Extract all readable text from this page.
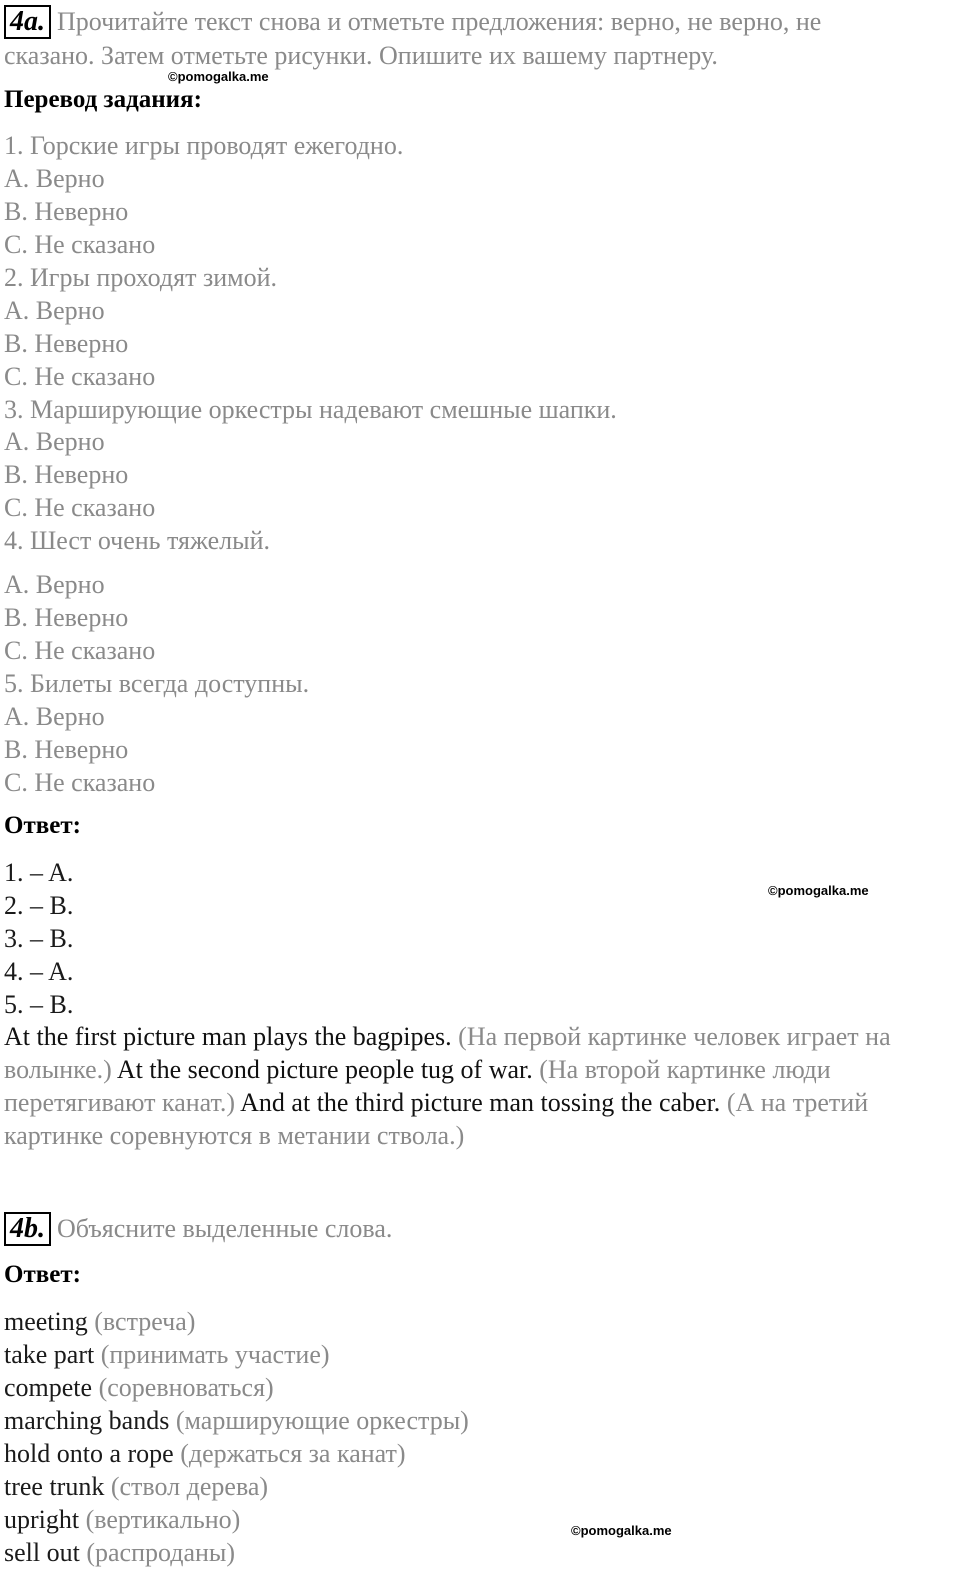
4a. Прочитайте текст снова и отметьте предложения: верно, не верно, не
сказано. Затем отметьте рисунки. Опишите их вашему партнеру.
©pomogalka.me
Перевод задания:
1. Горские игры проводят ежегодно.
A. Верно
B. Неверно
C. Не сказано
2. Игры проходят зимой.
A. Верно
B. Неверно
C. Не сказано
3. Марширующие оркестры надевают смешные шапки.
A. Верно
B. Неверно
C. Не сказано
4. Шест очень тяжелый.
A. Верно
B. Неверно
C. Не сказано
5. Билеты всегда доступны.
A. Верно
B. Неверно
C. Не сказано
Ответ:
1. – A.
2. – B.
3. – B.
4. – A.
5. – B.
©pomogalka.me
At the first picture man plays the bagpipes. (На первой картинке человек играет на волынке.) At the second picture people tug of war. (На второй картинке люди перетягивают канат.) And at the third picture man tossing the caber. (А на третий картинке соревнуются в метании ствола.)
4b. Объясните выделенные слова.
Ответ:
meeting (встреча)
take part (принимать участие)
compete (соревноваться)
marching bands (марширующие оркестры)
hold onto a rope (держаться за канат)
tree trunk (ствол дерева)
upright (вертикально)
sell out (распроданы)
©pomogalka.me
